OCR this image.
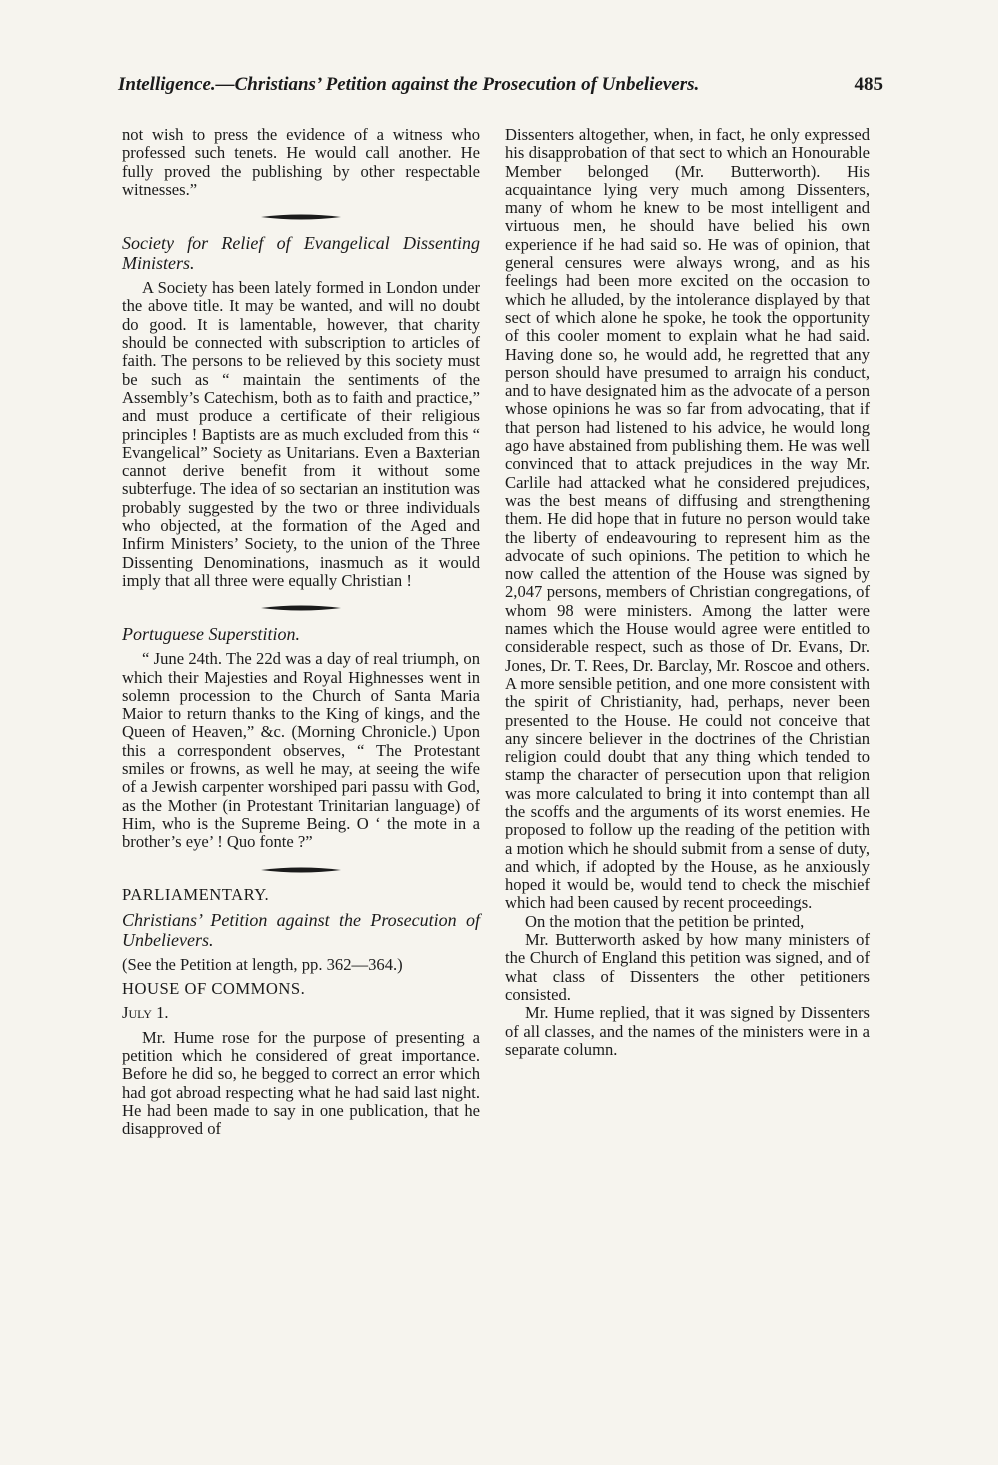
Intelligence.—Christians’ Petition against the Prosecution of Unbelievers.	485

not wish to press the evidence of a witness who professed such tenets. He would call another. He fully proved the publishing by other respectable witnesses.”

Society for Relief of Evangelical Dissenting Ministers.

A Society has been lately formed in London under the above title. It may be wanted, and will no doubt do good. It is lamentable, however, that charity should be connected with subscription to articles of faith. The persons to be relieved by this society must be such as “ maintain the sentiments of the Assembly’s Catechism, both as to faith and practice,” and must produce a certificate of their religious principles ! Baptists are as much excluded from this “ Evangelical” Society as Unitarians. Even a Baxterian cannot derive benefit from it without some subterfuge. The idea of so sectarian an institution was probably suggested by the two or three individuals who objected, at the formation of the Aged and Infirm Ministers’ Society, to the union of the Three Dissenting Denominations, inasmuch as it would imply that all three were equally Christian !

Portuguese Superstition.

“ June 24th. The 22d was a day of real triumph, on which their Majesties and Royal Highnesses went in solemn procession to the Church of Santa Maria Maior to return thanks to the King of kings, and the Queen of Heaven,” &c. (Morning Chronicle.) Upon this a correspondent observes, “ The Protestant smiles or frowns, as well he may, at seeing the wife of a Jewish carpenter worshiped pari passu with God, as the Mother (in Protestant Trinitarian language) of Him, who is the Supreme Being. O ‘ the mote in a brother’s eye’ ! Quo fonte ?”

PARLIAMENTARY.

Christians’ Petition against the Prosecution of Unbelievers.

(See the Petition at length, pp. 362—364.)

HOUSE OF COMMONS.

July 1.

Mr. Hume rose for the purpose of presenting a petition which he considered of great importance. Before he did so, he begged to correct an error which had got abroad respecting what he had said last night. He had been made to say in one publication, that he disapproved of

Dissenters altogether, when, in fact, he only expressed his disapprobation of that sect to which an Honourable Member belonged (Mr. Butterworth). His acquaintance lying very much among Dissenters, many of whom he knew to be most intelligent and virtuous men, he should have belied his own experience if he had said so. He was of opinion, that general censures were always wrong, and as his feelings had been more excited on the occasion to which he alluded, by the intolerance displayed by that sect of which alone he spoke, he took the opportunity of this cooler moment to explain what he had said. Having done so, he would add, he regretted that any person should have presumed to arraign his conduct, and to have designated him as the advocate of a person whose opinions he was so far from advocating, that if that person had listened to his advice, he would long ago have abstained from publishing them. He was well convinced that to attack prejudices in the way Mr. Carlile had attacked what he considered prejudices, was the best means of diffusing and strengthening them. He did hope that in future no person would take the liberty of endeavouring to represent him as the advocate of such opinions. The petition to which he now called the attention of the House was signed by 2,047 persons, members of Christian congregations, of whom 98 were ministers. Among the latter were names which the House would agree were entitled to considerable respect, such as those of Dr. Evans, Dr. Jones, Dr. T. Rees, Dr. Barclay, Mr. Roscoe and others. A more sensible petition, and one more consistent with the spirit of Christianity, had, perhaps, never been presented to the House. He could not conceive that any sincere believer in the doctrines of the Christian religion could doubt that any thing which tended to stamp the character of persecution upon that religion was more calculated to bring it into contempt than all the scoffs and the arguments of its worst enemies. He proposed to follow up the reading of the petition with a motion which he should submit from a sense of duty, and which, if adopted by the House, as he anxiously hoped it would be, would tend to check the mischief which had been caused by recent proceedings.

On the motion that the petition be printed,

Mr. Butterworth asked by how many ministers of the Church of England this petition was signed, and of what class of Dissenters the other petitioners consisted.

Mr. Hume replied, that it was signed by Dissenters of all classes, and the names of the ministers were in a separate column.
